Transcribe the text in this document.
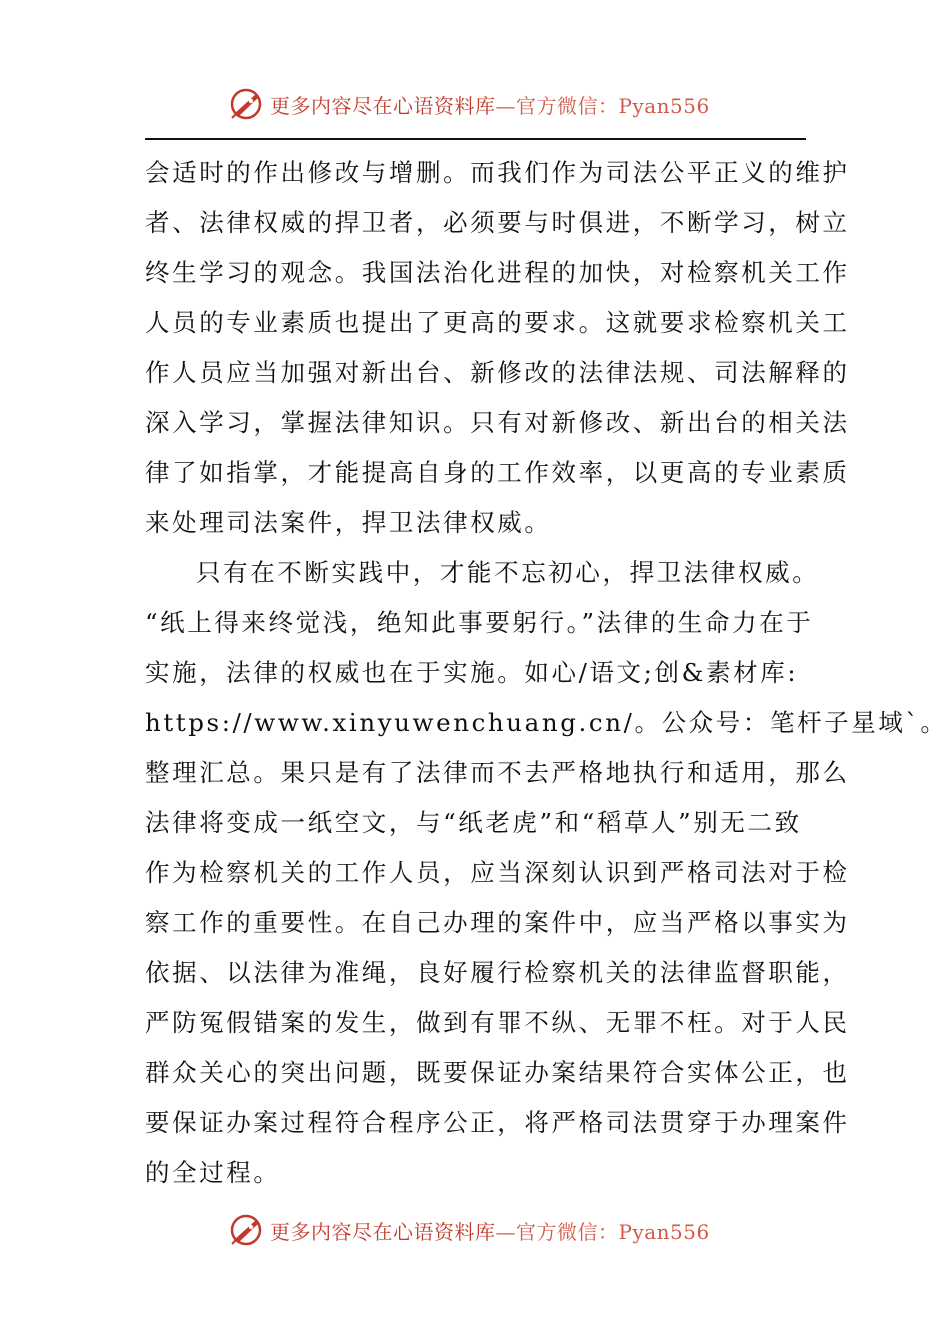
更多内容尽在心语资料库—官方微信：Pyan556
会适时的作出修改与增删。而我们作为司法公平正义的维护
者、法律权威的捍卫者，必须要与时俱进，不断学习，树立
终生学习的观念。我国法治化进程的加快，对检察机关工作
人员的专业素质也提出了更高的要求。这就要求检察机关工
作人员应当加强对新出台、新修改的法律法规、司法解释的
深入学习，掌握法律知识。只有对新修改、新出台的相关法
律了如指掌，才能提高自身的工作效率，以更高的专业素质
来处理司法案件，捍卫法律权威。
只有在不断实践中，才能不忘初心，捍卫法律权威。
“纸上得来终觉浅，绝知此事要躬行。”法律的生命力在于
实施，法律的权威也在于实施。如心/语文;创&素材库:
https://www.xinyuwenchuang.cn/。公众号：笔杆子星域`。
整理汇总。果只是有了法律而不去严格地执行和适用，那么
法律将变成一纸空文，与“纸老虎”和“稻草人”别无二致
作为检察机关的工作人员，应当深刻认识到严格司法对于检
察工作的重要性。在自己办理的案件中，应当严格以事实为
依据、以法律为准绳，良好履行检察机关的法律监督职能，
严防冤假错案的发生，做到有罪不纵、无罪不枉。对于人民
群众关心的突出问题，既要保证办案结果符合实体公正，也
要保证办案过程符合程序公正，将严格司法贯穿于办理案件
的全过程。
更多内容尽在心语资料库—官方微信：Pyan556
